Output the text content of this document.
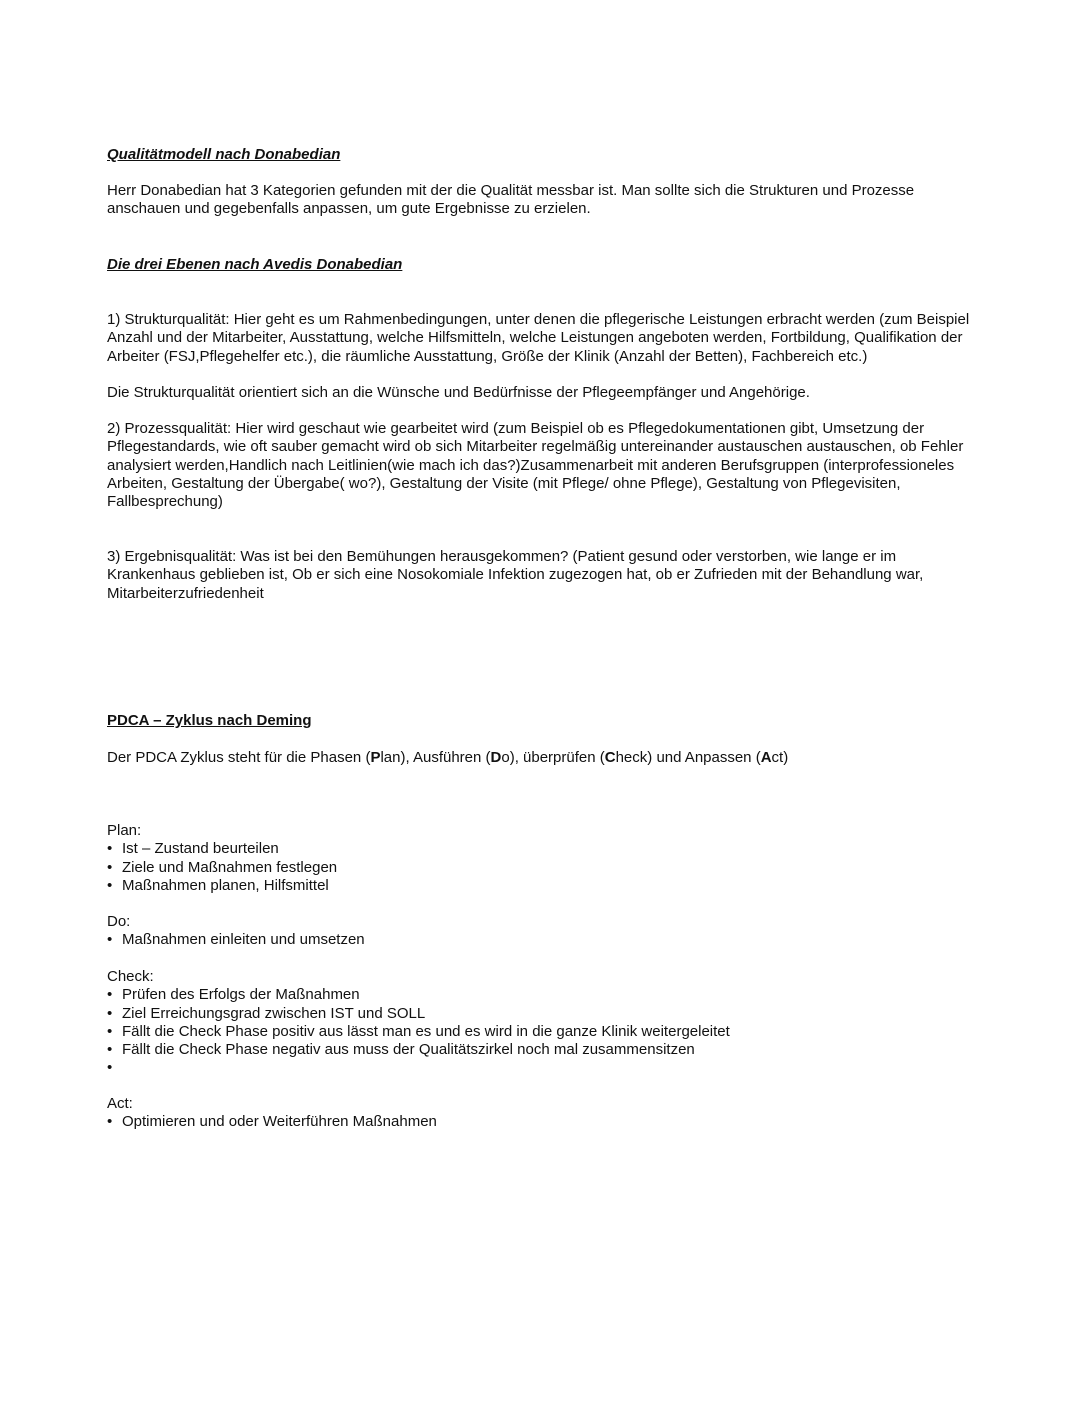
Qualitätmodell nach Donabedian
Herr Donabedian hat 3 Kategorien gefunden mit der die Qualität messbar ist. Man sollte sich die Strukturen und Prozesse anschauen und gegebenfalls anpassen, um gute Ergebnisse zu erzielen.
Die drei Ebenen nach Avedis Donabedian
1) Strukturqualität: Hier geht es um Rahmenbedingungen, unter denen die pflegerische Leistungen erbracht werden (zum Beispiel Anzahl und der Mitarbeiter, Ausstattung, welche Hilfsmitteln, welche Leistungen angeboten werden, Fortbildung, Qualifikation der Arbeiter (FSJ,Pflegehelfer etc.), die räumliche Ausstattung, Größe der Klinik (Anzahl der Betten), Fachbereich etc.)
Die Strukturqualität orientiert sich an die Wünsche und Bedürfnisse der Pflegeempfänger und Angehörige.
2) Prozessqualität: Hier wird geschaut wie gearbeitet wird (zum Beispiel ob es Pflegedokumentationen gibt, Umsetzung der Pflegestandards, wie oft sauber gemacht wird ob sich Mitarbeiter regelmäßig untereinander austauschen austauschen, ob Fehler analysiert werden,Handlich nach Leitlinien(wie mach ich das?)Zusammenarbeit mit anderen Berufsgruppen (interprofessioneles Arbeiten, Gestaltung der Übergabe( wo?), Gestaltung der Visite (mit Pflege/ ohne Pflege), Gestaltung von Pflegevisiten, Fallbesprechung)
3) Ergebnisqualität: Was ist bei den Bemühungen herausgekommen? (Patient gesund oder verstorben, wie lange er im Krankenhaus geblieben ist, Ob er sich eine Nosokomiale Infektion zugezogen hat, ob er Zufrieden mit der Behandlung war, Mitarbeiterzufriedenheit
PDCA – Zyklus nach Deming
Der PDCA Zyklus steht für die Phasen (Plan), Ausführen (Do), überprüfen (Check) und Anpassen (Act)
Plan:
• Ist – Zustand beurteilen
• Ziele und Maßnahmen festlegen
• Maßnahmen planen, Hilfsmittel
Do:
• Maßnahmen einleiten und umsetzen
Check:
• Prüfen des Erfolgs der Maßnahmen
• Ziel Erreichungsgrad zwischen IST und SOLL
• Fällt die Check Phase positiv aus lässt man es und es wird in die ganze Klinik weitergeleitet
• Fällt die Check Phase negativ aus muss der Qualitätszirkel noch mal zusammensitzen
•
Act:
• Optimieren und oder Weiterführen Maßnahmen
